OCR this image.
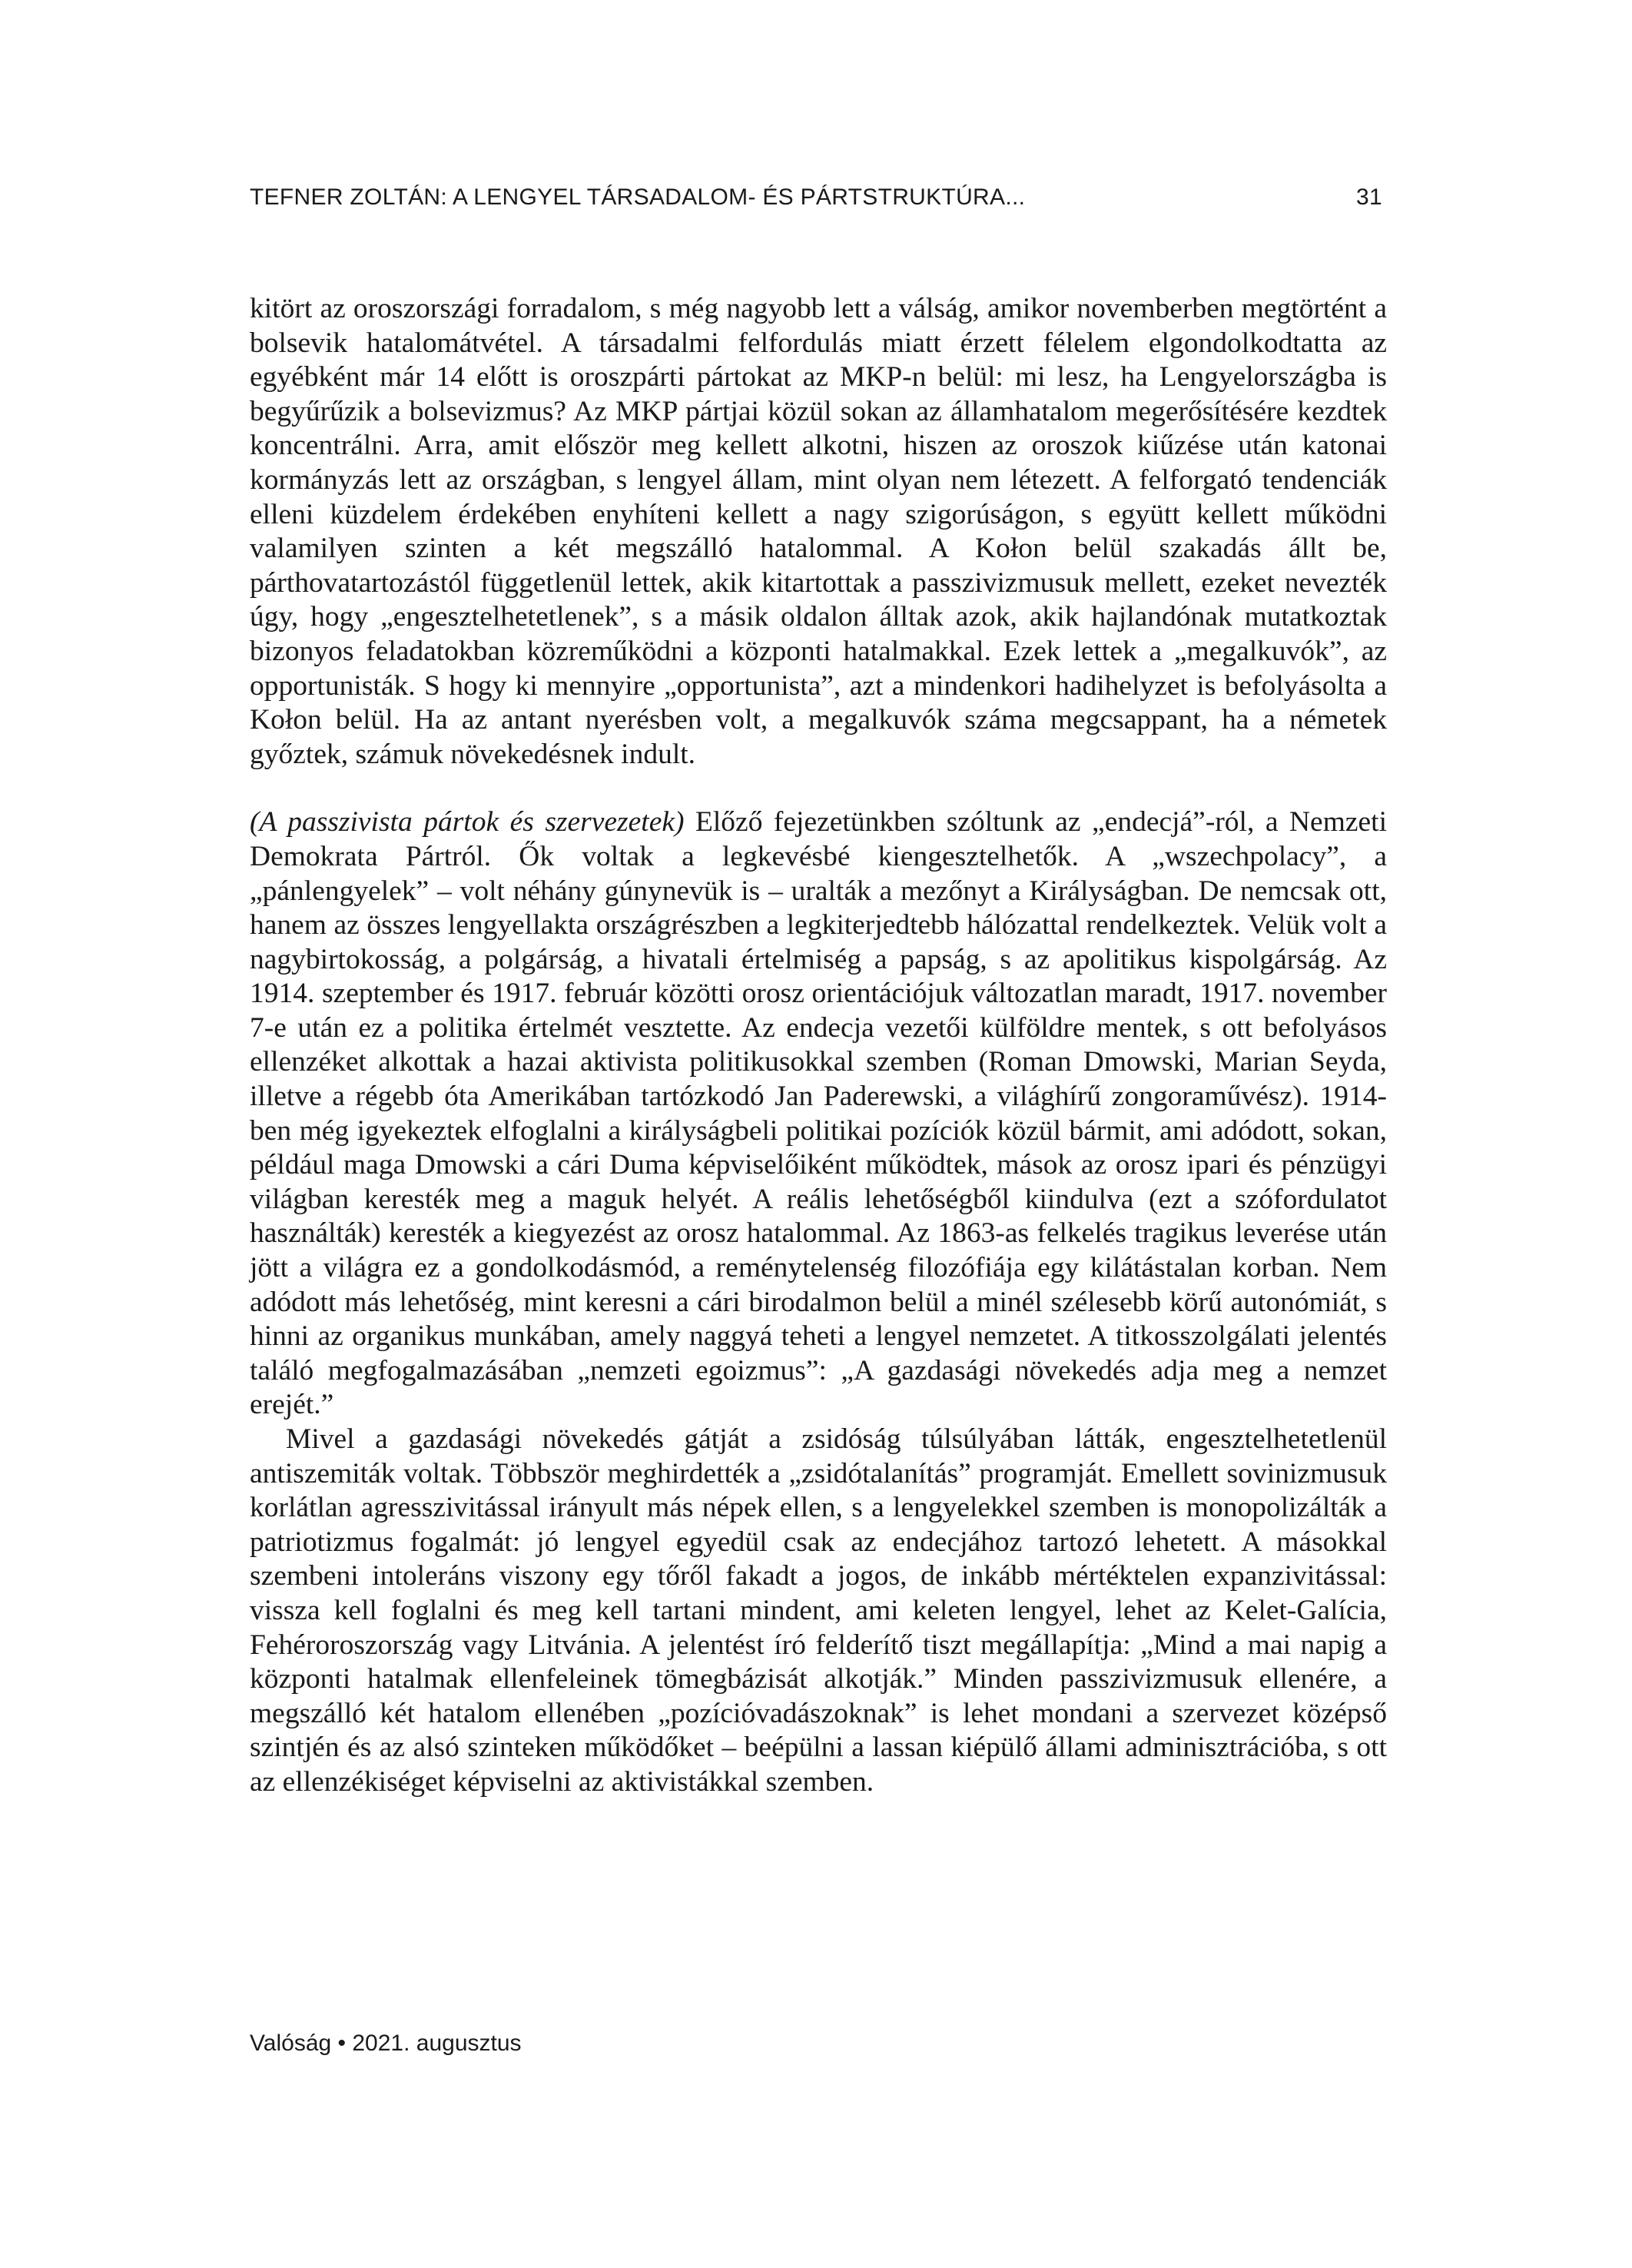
TEFNER ZOLTÁN: A LENGYEL TÁRSADALOM- ÉS PÁRTSTRUKTÚRA...	31

kitört az oroszországi forradalom, s még nagyobb lett a válság, amikor novemberben megtörtént a bolsevik hatalomátvétel. A társadalmi felfordulás miatt érzett félelem elgondolkodtatta az egyébként már 14 előtt is oroszpárti pártokat az MKP-n belül: mi lesz, ha Lengyelországba is begyűrűzik a bolsevizmus? Az MKP pártjai közül sokan az államhatalom megerősítésére kezdtek koncentrálni. Arra, amit először meg kellett alkotni, hiszen az oroszok kiűzése után katonai kormányzás lett az országban, s lengyel állam, mint olyan nem létezett. A felforgató tendenciák elleni küzdelem érdekében enyhíteni kellett a nagy szigorúságon, s együtt kellett működni valamilyen szinten a két megszálló hatalommal. A Kołon belül szakadás állt be, párthovatartozástól függetlenül lettek, akik kitartottak a passzivizmusuk mellett, ezeket nevezték úgy, hogy „engesztelhetetlenek”, s a másik oldalon álltak azok, akik hajlandónak mutatkoztak bizonyos feladatokban közreműködni a központi hatalmakkal. Ezek lettek a „megalkuvók”, az opportunisták. S hogy ki mennyire „opportunista”, azt a mindenkori hadihelyzet is befolyásolta a Kołon belül. Ha az antant nyerésben volt, a megalkuvók száma megcsappant, ha a németek győztek, számuk növekedésnek indult.

(A passzivista pártok és szervezetek) Előző fejezetünkben szóltunk az „endecjá”-ról, a Nemzeti Demokrata Pártról. Ők voltak a legkevésbé kiengesztelhetők. A „wszechpolacy”, a „pánlengyelek” – volt néhány gúnynevük is – uralták a mezőnyt a Királyságban. De nemcsak ott, hanem az összes lengyellakta országrészben a legkiterjedtebb hálózattal rendelkeztek. Velük volt a nagybirtokosság, a polgárság, a hivatali értelmiség a papság, s az apolitikus kispolgárság. Az 1914. szeptember és 1917. február közötti orosz orientációjuk változatlan maradt, 1917. november 7-e után ez a politika értelmét vesztette. Az endecja vezetői külföldre mentek, s ott befolyásos ellenzéket alkottak a hazai aktivista politikusokkal szemben (Roman Dmowski, Marian Seyda, illetve a régebb óta Amerikában tartózkodó Jan Paderewski, a világhírű zongoraművész). 1914-ben még igyekeztek elfoglalni a királyságbeli politikai pozíciók közül bármit, ami adódott, sokan, például maga Dmowski a cári Duma képviselőiként működtek, mások az orosz ipari és pénzügyi világban keresték meg a maguk helyét. A reális lehetőségből kiindulva (ezt a szófordulatot használták) keresték a kiegyezést az orosz hatalommal. Az 1863-as felkelés tragikus leverése után jött a világra ez a gondolkodásmód, a reménytelenség filozófiája egy kilátástalan korban. Nem adódott más lehetőség, mint keresni a cári birodalmon belül a minél szélesebb körű autonómiát, s hinni az organikus munkában, amely naggyá teheti a lengyel nemzetet. A titkosszolgálati jelentés találó megfogalmazásában „nemzeti egoizmus”: „A gazdasági növekedés adja meg a nemzet erejét.”

Mivel a gazdasági növekedés gátját a zsidóság túlsúlyában látták, engesztelhetetlenül antiszemiták voltak. Többször meghirdették a „zsidótalanítás” programját. Emellett sovinizmusuk korlátlan agresszivitással irányult más népek ellen, s a lengyelekkel szemben is monopolizálták a patriotizmus fogalmát: jó lengyel egyedül csak az endecjához tartozó lehetett. A másokkal szembeni intoleráns viszony egy tőről fakadt a jogos, de inkább mértéktelen expanzivitással: vissza kell foglalni és meg kell tartani mindent, ami keleten lengyel, lehet az Kelet-Galícia, Fehéroroszország vagy Litvánia. A jelentést író felderítő tiszt megállapítja: „Mind a mai napig a központi hatalmak ellenfeleinek tömegbázisát alkotják.” Minden passzivizmusuk ellenére, a megszálló két hatalom ellenében „pozícióvadászoknak” is lehet mondani a szervezet középső szintjén és az alsó szinteken működőket – beépülni a lassan kiépülő állami adminisztrációba, s ott az ellenzékiséget képviselni az aktivistákkal szemben.

Valóság • 2021. augusztus
